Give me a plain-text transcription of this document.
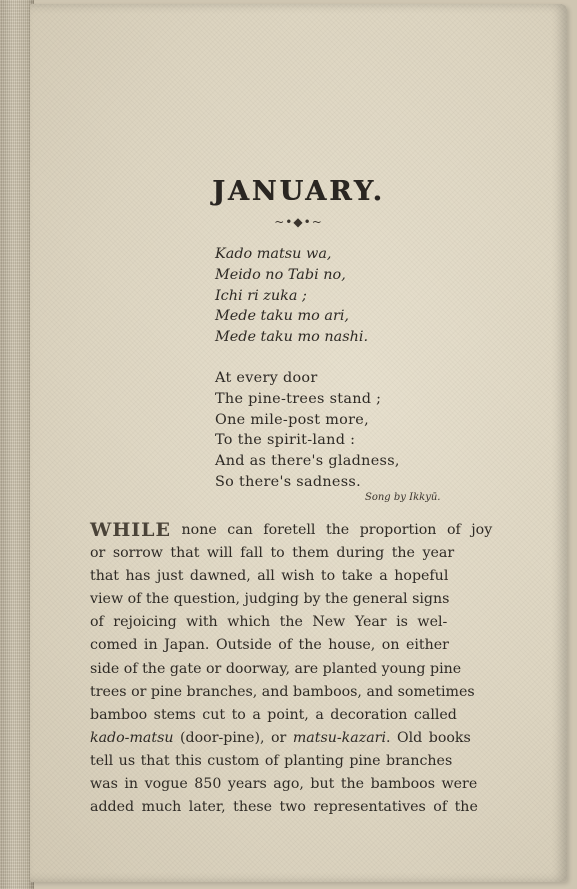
JANUARY.
~•◆•~
Kado matsu wa,
Meido no Tabi no,
Ichi ri zuka ;
Mede taku mo ari,
Mede taku mo nashi.
At every door
The pine-trees stand ;
One mile-post more,
To the spirit-land :
And as there's gladness,
So there's sadness.
Song by Ikkyū.
WHILE none can foretell the proportion of joy
or sorrow that will fall to them during the year
that has just dawned, all wish to take a hopeful
view of the question, judging by the general signs
of rejoicing with which the New Year is wel-
comed in Japan. Outside of the house, on either
side of the gate or doorway, are planted young pine
trees or pine branches, and bamboos, and sometimes
bamboo stems cut to a point, a decoration called
kado-matsu (door-pine), or matsu-kazari. Old books
tell us that this custom of planting pine branches
was in vogue 850 years ago, but the bamboos were
added much later, these two representatives of the
